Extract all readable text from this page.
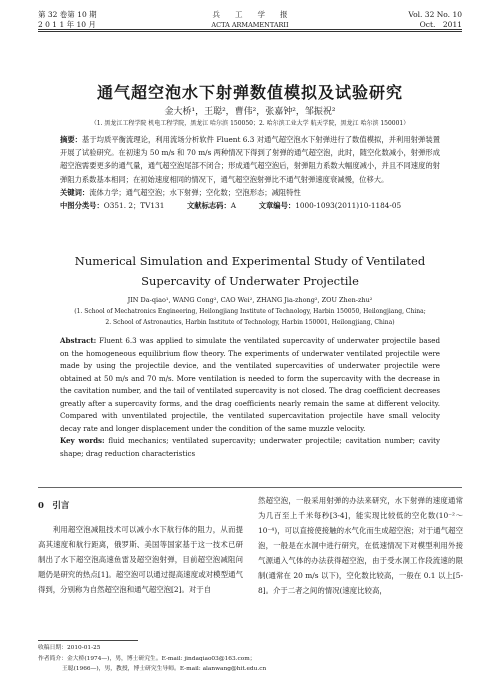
第 32 卷第 10 期
2 0 1 1 年 10 月
兵　　工　　学　　报
ACTA ARMAMENTARII
Vol. 32 No. 10
Oct.　2011
通气超空泡水下射弹数值模拟及试验研究
金大桥¹，王聪²，曹伟²，张嘉钟²，邹振祝²
（1. 黑龙江工程学院 机电工程学院，黑龙江 哈尔滨 150050；2. 哈尔滨工业大学 航天学院，黑龙江 哈尔滨 150001）
摘要：基于均质平衡流理论，利用流场分析软件 Fluent 6.3 对通气超空泡水下射弹进行了数值模拟，并利用射弹装置开展了试验研究。在初速为 50 m/s 和 70 m/s 两种情况下得到了射弹的通气超空泡，此时，随空化数减小，射弹形成超空泡需要更多的通气量，通气超空泡尾部不闭合；形成通气超空泡后，射弹阻力系数大幅度减小，并且不同速度的射弹阻力系数基本相同；在初始速度相同的情况下，通气超空泡射弹比不通气射弹速度衰减慢，位移大。
关键词：流体力学；通气超空泡；水下射弹；空化数；空泡形态；减阻特性
中图分类号：O351. 2；TV131	文献标志码：A	文章编号：1000-1093(2011)10-1184-05
Numerical Simulation and Experimental Study of Ventilated
Supercavity of Underwater Projectile
JIN Da-qiao¹, WANG Cong², CAO Wei², ZHANG Jia-zhong², ZOU Zhen-zhu²
(1. School of Mechatronics Engineering, Heilongjiang Institute of Technology, Harbin 150050, Heilongjiang, China;
2. School of Astronautics, Harbin Institute of Technology, Harbin 150001, Heilongjiang, China)
Abstract: Fluent 6.3 was applied to simulate the ventilated supercavity of underwater projectile based on the homogeneous equilibrium flow theory. The experiments of underwater ventilated projectile were made by using the projectile device, and the ventilated supercavities of underwater projectile were obtained at 50 m/s and 70 m/s. More ventilation is needed to form the supercavity with the decrease in the cavitation number, and the tail of ventilated supercavity is not closed. The drag coefficient decreases greatly after a supercavity forms, and the drag coefficients nearly remain the same at different velocity. Compared with unventilated projectile, the ventilated supercavitation projectile have small velocity decay rate and longer displacement under the condition of the same muzzle velocity.
Key words: fluid mechanics; ventilated supercavity; underwater projectile; cavitation number; cavity shape; drag reduction characteristics
0　引言
利用超空泡减阻技术可以减小水下航行体的阻力，从而提高其速度和航行距离，俄罗斯、美国等国家基于这一技术已研制出了水下超空泡高速鱼雷及超空泡射弹，目前超空泡减阻问题仍是研究的热点[1]。超空泡可以通过提高速度或对模型通气得到，分别称为自然超空泡和通气超空泡[2]。对于自
然超空泡，一般采用射弹的办法来研究，水下射弹的速度通常为几百至上千米每秒[3-4]，能实现比较低的空化数(10⁻²～10⁻⁴)，可以直接使接触的水气化而生成超空泡；对于通气超空泡，一般是在水洞中进行研究，在低速情况下对模型利用外接气源通入气体的办法获得超空泡，由于受水洞工作段流速的限制(通常在 20 m/s 以下)，空化数比较高，一般在 0.1 以上[5-8]。介于二者之间的情况(速度比较高，
收稿日期：2010-01-25
作者简介：金大桥(1974—)，男，博士研究生。E-mail: jindaqiao03@163.com；
王聪(1966—)，男，教授，博士研究生导师。E-mail: alanwang@hit.edu.cn
